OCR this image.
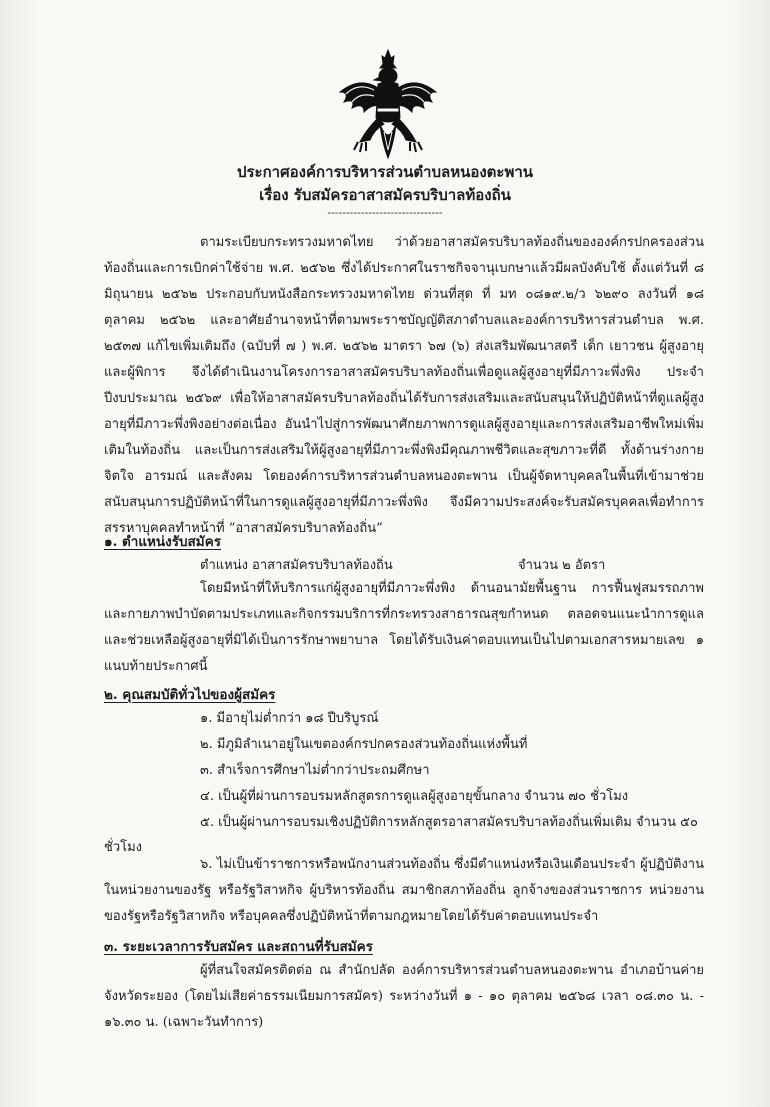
ประกาศองค์การบริหารส่วนตำบลหนองตะพาน
เรื่อง รับสมัครอาสาสมัครบริบาลท้องถิ่น
-------------------------------
ตามระเบียบกระทรวงมหาดไทย ว่าด้วยอาสาสมัครบริบาลท้องถิ่นขององค์กรปกครองส่วนท้องถิ่นและการเบิกค่าใช้จ่าย พ.ศ. ๒๕๖๒ ซึ่งได้ประกาศในราชกิจจานุเบกษาแล้วมีผลบังคับใช้ ตั้งแต่วันที่ ๘ มิถุนายน ๒๕๖๒ ประกอบกับหนังสือกระทรวงมหาดไทย ด่วนที่สุด ที่ มท ๐๘๑๙.๒/ว ๖๒๙๐ ลงวันที่ ๑๘ ตุลาคม ๒๕๖๒ และอาศัยอำนาจหน้าที่ตามพระราชบัญญัติสภาตำบลและองค์การบริหารส่วนตำบล พ.ศ. ๒๕๓๗ แก้ไขเพิ่มเติมถึง (ฉบับที่ ๗ ) พ.ศ. ๒๕๖๒ มาตรา ๖๗ (๖) ส่งเสริมพัฒนาสตรี เด็ก เยาวชน ผู้สูงอายุ และผู้พิการ จึงได้ดำเนินงานโครงการอาสาสมัครบริบาลท้องถิ่นเพื่อดูแลผู้สูงอายุที่มีภาวะพึ่งพิง ประจำปีงบประมาณ ๒๕๖๙ เพื่อให้อาสาสมัครบริบาลท้องถิ่นได้รับการส่งเสริมและสนับสนุนให้ปฏิบัติหน้าที่ดูแลผู้สูงอายุที่มีภาวะพึ่งพิงอย่างต่อเนื่อง อันนำไปสู่การพัฒนาศักยภาพการดูแลผู้สูงอายุและการส่งเสริมอาชีพใหม่เพิ่มเติมในท้องถิ่น และเป็นการส่งเสริมให้ผู้สูงอายุที่มีภาวะพึ่งพิงมีคุณภาพชีวิตและสุขภาวะที่ดี ทั้งด้านร่างกาย จิตใจ อารมณ์ และสังคม โดยองค์การบริหารส่วนตำบลหนองตะพาน เป็นผู้จัดหาบุคคลในพื้นที่เข้ามาช่วยสนับสนุนการปฏิบัติหน้าที่ในการดูแลผู้สูงอายุที่มีภาวะพึ่งพิง จึงมีความประสงค์จะรับสมัครบุคคลเพื่อทำการสรรหาบุคคลทำหน้าที่ “อาสาสมัครบริบาลท้องถิ่น”
๑. ตำแหน่งรับสมัคร
ตำแหน่ง อาสาสมัครบริบาลท้องถิ่น	จำนวน ๒ อัตรา
โดยมีหน้าที่ให้บริการแก่ผู้สูงอายุที่มีภาวะพึ่งพิง ด้านอนามัยพื้นฐาน การฟื้นฟูสมรรถภาพ และกายภาพบำบัดตามประเภทและกิจกรรมบริการที่กระทรวงสาธารณสุขกำหนด ตลอดจนแนะนำการดูแลและช่วยเหลือผู้สูงอายุที่มิได้เป็นการรักษาพยาบาล โดยได้รับเงินค่าตอบแทนเป็นไปตามเอกสารหมายเลข ๑ แนบท้ายประกาศนี้
๒. คุณสมบัติทั่วไปของผู้สมัคร
๑. มีอายุไม่ต่ำกว่า ๑๘ ปีบริบูรณ์
๒. มีภูมิลำเนาอยู่ในเขตองค์กรปกครองส่วนท้องถิ่นแห่งพื้นที่
๓. สำเร็จการศึกษาไม่ต่ำกว่าประถมศึกษา
๔. เป็นผู้ที่ผ่านการอบรมหลักสูตรการดูแลผู้สูงอายุขั้นกลาง จำนวน ๗๐ ชั่วโมง
๕. เป็นผู้ผ่านการอบรมเชิงปฏิบัติการหลักสูตรอาสาสมัครบริบาลท้องถิ่นเพิ่มเติม จำนวน ๕๐
ชั่วโมง
๖. ไม่เป็นข้าราชการหรือพนักงานส่วนท้องถิ่น ซึ่งมีตำแหน่งหรือเงินเดือนประจำ ผู้ปฏิบัติงานในหน่วยงานของรัฐ หรือรัฐวิสาหกิจ ผู้บริหารท้องถิ่น สมาชิกสภาท้องถิ่น ลูกจ้างของส่วนราชการ หน่วยงานของรัฐหรือรัฐวิสาหกิจ หรือบุคคลซึ่งปฏิบัติหน้าที่ตามกฎหมายโดยได้รับค่าตอบแทนประจำ
๓. ระยะเวลาการรับสมัคร และสถานที่รับสมัคร
ผู้ที่สนใจสมัครติดต่อ ณ สำนักปลัด องค์การบริหารส่วนตำบลหนองตะพาน อำเภอบ้านค่าย จังหวัดระยอง (โดยไม่เสียค่าธรรมเนียมการสมัคร) ระหว่างวันที่ ๑ - ๑๐ ตุลาคม ๒๕๖๘ เวลา ๐๘.๓๐ น. - ๑๖.๓๐ น. (เฉพาะวันทำการ)
